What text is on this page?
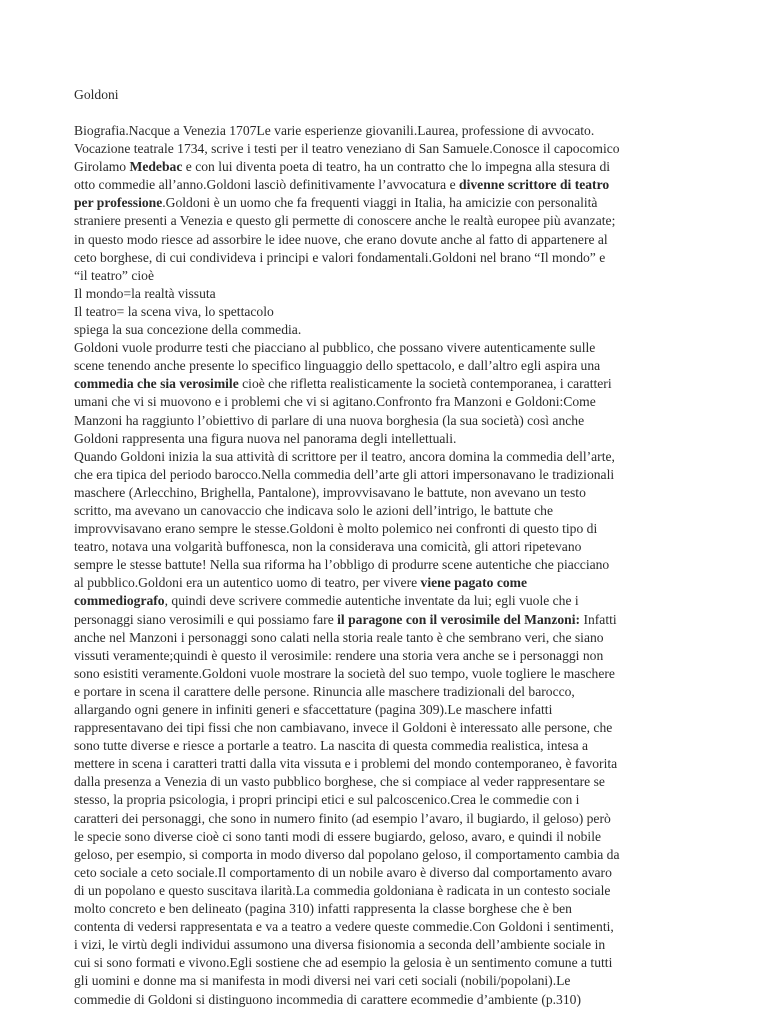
Goldoni

Biografia.Nacque a Venezia 1707Le varie esperienze giovanili.Laurea, professione di avvocato.

Vocazione teatrale 1734, scrive i testi per il teatro veneziano di San Samuele.Conosce il capocomico

Girolamo Medebac e con lui diventa poeta di teatro, ha un contratto che lo impegna alla stesura di

otto commedie all’anno.Goldoni lasciò definitivamente l’avvocatura e divenne scrittore di teatro

per professione.Goldoni è un uomo che fa frequenti viaggi in Italia, ha amicizie con personalità

straniere presenti a Venezia e questo gli permette di conoscere anche le realtà europee più avanzate;

in questo modo riesce ad assorbire le idee nuove, che erano dovute anche al fatto di appartenere al

ceto borghese, di cui condivideva i principi e valori fondamentali.Goldoni nel brano “Il mondo” e

“il teatro” cioè

Il mondo=la realtà vissuta

Il teatro= la scena viva, lo spettacolo

spiega la sua concezione della commedia.

Goldoni vuole produrre testi che piacciano al pubblico, che possano vivere autenticamente sulle

scene tenendo anche presente lo specifico linguaggio dello spettacolo, e dall’altro egli aspira una

commedia che sia verosimile cioè che rifletta realisticamente la società contemporanea, i caratteri

umani che vi si muovono e i problemi che vi si agitano.Confronto fra Manzoni e Goldoni:Come

Manzoni ha raggiunto l’obiettivo di parlare di una nuova borghesia (la sua società) così anche

Goldoni rappresenta una figura nuova nel panorama degli intellettuali.

Quando Goldoni inizia la sua attività di scrittore per il teatro, ancora domina la commedia dell’arte,

che era tipica del periodo barocco.Nella commedia dell’arte gli attori impersonavano le tradizionali

maschere (Arlecchino, Brighella, Pantalone), improvvisavano le battute, non avevano un testo

scritto, ma avevano un canovaccio che indicava solo le azioni dell’intrigo, le battute che

improvvisavano erano sempre le stesse.Goldoni è molto polemico nei confronti di questo tipo di

teatro, notava una volgarità buffonesca, non la considerava una comicità, gli attori ripetevano

sempre le stesse battute! Nella sua riforma ha l’obbligo di produrre scene autentiche che piacciano

al pubblico.Goldoni era un autentico uomo di teatro, per vivere viene pagato come

commediografo, quindi deve scrivere commedie autentiche inventate da lui; egli vuole che i

personaggi siano verosimili e qui possiamo fare il paragone con il verosimile del Manzoni: Infatti

anche nel Manzoni i personaggi sono calati nella storia reale tanto è che sembrano veri, che siano

vissuti veramente;quindi è questo il verosimile: rendere una storia vera anche se i personaggi non

sono esistiti veramente.Goldoni vuole mostrare la società del suo tempo, vuole togliere le maschere

e portare in scena il carattere delle persone. Rinuncia alle maschere tradizionali del barocco,

allargando ogni genere in infiniti generi e sfaccettature (pagina 309).Le maschere infatti

rappresentavano dei tipi fissi che non cambiavano, invece il Goldoni è interessato alle persone, che

sono tutte diverse e riesce a portarle a teatro. La nascita di questa commedia realistica, intesa a

mettere in scena i caratteri tratti dalla vita vissuta e i problemi del mondo contemporaneo, è favorita

dalla presenza a Venezia di un vasto pubblico borghese, che si compiace al veder rappresentare se

stesso, la propria psicologia, i propri principi etici e sul palcoscenico.Crea le commedie con i

caratteri dei personaggi, che sono in numero finito (ad esempio l’avaro, il bugiardo, il geloso) però

le specie sono diverse cioè ci sono tanti modi di essere bugiardo, geloso, avaro, e quindi il nobile

geloso, per esempio, si comporta in modo diverso dal popolano geloso, il comportamento cambia da

ceto sociale a ceto sociale.Il comportamento di un nobile avaro è diverso dal comportamento avaro

di un popolano e questo suscitava ilarità.La commedia goldoniana è radicata in un contesto sociale

molto concreto e ben delineato (pagina 310) infatti rappresenta la classe borghese che è ben

contenta di vedersi rappresentata e va a teatro a vedere queste commedie.Con Goldoni i sentimenti,

i vizi, le virtù degli individui assumono una diversa fisionomia a seconda dell’ambiente sociale in

cui si sono formati e vivono.Egli sostiene che ad esempio la gelosia è un sentimento comune a tutti

gli uomini e donne ma si manifesta in modi diversi nei vari ceti sociali (nobili/popolani).Le

commedie di Goldoni si distinguono incommedia di carattere ecommedie d’ambiente (p.310)
